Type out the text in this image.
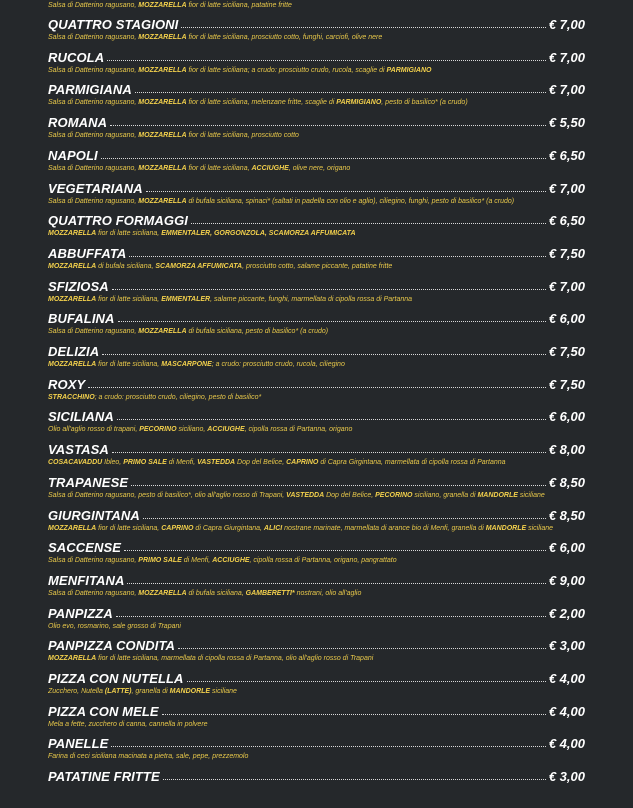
Salsa di Datterino ragusano, MOZZARELLA fior di latte siciliana, patatine fritte
QUATTRO STAGIONI	€ 7,00
Salsa di Datterino ragusano, MOZZARELLA fior di latte siciliana, prosciutto cotto, funghi, carciofi, olive nere
RUCOLA	€ 7,00
Salsa di Datterino ragusano, MOZZARELLA fior di latte siciliana; a crudo: prosciutto crudo, rucola, scaglie di PARMIGIANO
PARMIGIANA	€ 7,00
Salsa di Datterino ragusano, MOZZARELLA fior di latte siciliana, melenzane fritte, scaglie di PARMIGIANO, pesto di basilico* (a crudo)
ROMANA	€ 5,50
Salsa di Datterino ragusano, MOZZARELLA fior di latte siciliana, prosciutto cotto
NAPOLI	€ 6,50
Salsa di Datterino ragusano, MOZZARELLA fior di latte siciliana, ACCIUGHE, olive nere, origano
VEGETARIANA	€ 7,00
Salsa di Datterino ragusano, MOZZARELLA di bufala siciliana, spinaci* (saltati in padella con olio e aglio), ciliegino, funghi, pesto di basilico* (a crudo)
QUATTRO FORMAGGI	€ 6,50
MOZZARELLA fior di latte siciliana, EMMENTALER, GORGONZOLA, SCAMORZA AFFUMICATA
ABBUFFATA	€ 7,50
MOZZARELLA di bufala siciliana, SCAMORZA AFFUMICATA, prosciutto cotto, salame piccante, patatine fritte
SFIZIOSA	€ 7,00
MOZZARELLA fior di latte siciliana, EMMENTALER, salame piccante, funghi, marmellata di cipolla rossa di Partanna
BUFALINA	€ 6,00
Salsa di Datterino ragusano, MOZZARELLA di bufala siciliana, pesto di basilico* (a crudo)
DELIZIA	€ 7,50
MOZZARELLA fior di latte siciliana, MASCARPONE; a crudo: prosciutto crudo, rucola, ciliegino
ROXY	€ 7,50
STRACCHINO; a crudo: prosciutto crudo, ciliegino, pesto di basilico*
SICILIANA	€ 6,00
Olio all'aglio rosso di trapani, PECORINO siciliano, ACCIUGHE, cipolla rossa di Partanna, origano
VASTASA	€ 8,00
COSACAVADDU Ibleo, PRIMO SALE di Menfi, VASTEDDA Dop del Belice, CAPRINO di Capra Girgintana, marmellata di cipolla rossa di Partanna
TRAPANESE	€ 8,50
Salsa di Datterino ragusano, pesto di basilico*, olio all'aglio rosso di Trapani, VASTEDDA Dop del Belice, PECORINO siciliano, granella di MANDORLE siciliane
GIURGINTANA	€ 8,50
MOZZARELLA fior di latte siciliana, CAPRINO di Capra Giurgintana, ALICI nostrane marinate, marmellata di arance bio di Menfi, granella di MANDORLE siciliane
SACCENSE	€ 6,00
Salsa di Datterino ragusano, PRIMO SALE di Menfi, ACCIUGHE, cipolla rossa di Partanna, origano, pangrattato
MENFITANA	€ 9,00
Salsa di Datterino ragusano, MOZZARELLA di bufala siciliana, GAMBERETTI* nostrani, olio all'aglio
PANPIZZA	€ 2,00
Olio evo, rosmarino, sale grosso di Trapani
PANPIZZA CONDITA	€ 3,00
MOZZARELLA fior di latte siciliana, marmellata di cipolla rossa di Partanna, olio all'aglio rosso di Trapani
PIZZA CON NUTELLA	€ 4,00
Zucchero, Nutella (LATTE), granella di MANDORLE siciliane
PIZZA CON MELE	€ 4,00
Mela a fette, zucchero di canna, cannella in polvere
PANELLE	€ 4,00
Farina di ceci siciliana macinata a pietra, sale, pepe, prezzemolo
PATATINE FRITTE	€ 3,00
